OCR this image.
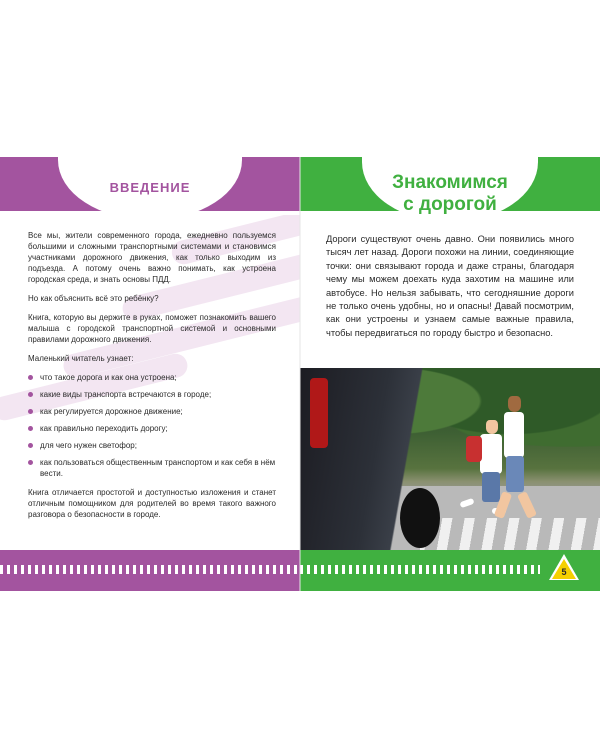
ВВЕДЕНИЕ

Все мы, жители современного города, ежедневно пользуемся большими и сложными транспортными системами и становимся участниками дорожного движения, как только выходим из подъезда. А потому очень важно понимать, как устроена городская среда, и знать основы ПДД.

Но как объяснить всё это ребёнку?

Книга, которую вы держите в руках, поможет познакомить вашего малыша с городской транспортной системой и основными правилами дорожного движения.

Маленький читатель узнает:

что такое дорога и как она устроена;
какие виды транспорта встречаются в городе;
как регулируется дорожное движение;
как правильно переходить дорогу;
для чего нужен светофор;
как пользоваться общественным транспортом и как себя в нём вести.

Книга отличается простотой и доступностью изложения и станет отличным помощником для родителей во время такого важного разговора о безопасности в городе.

Знакомимся
с дорогой
Дороги существуют очень давно. Они появились много тысяч лет назад. Дороги похожи на линии, соединяющие точки: они связывают города и даже страны, благодаря чему мы можем доехать куда захотим на машине или автобусе. Но нельзя забывать, что сегодняшние дороги не только очень удобны, но и опасны! Давай посмотрим, как они устроены и узнаем самые важные правила, чтобы передвигаться по городу быстро и безопасно.
5
